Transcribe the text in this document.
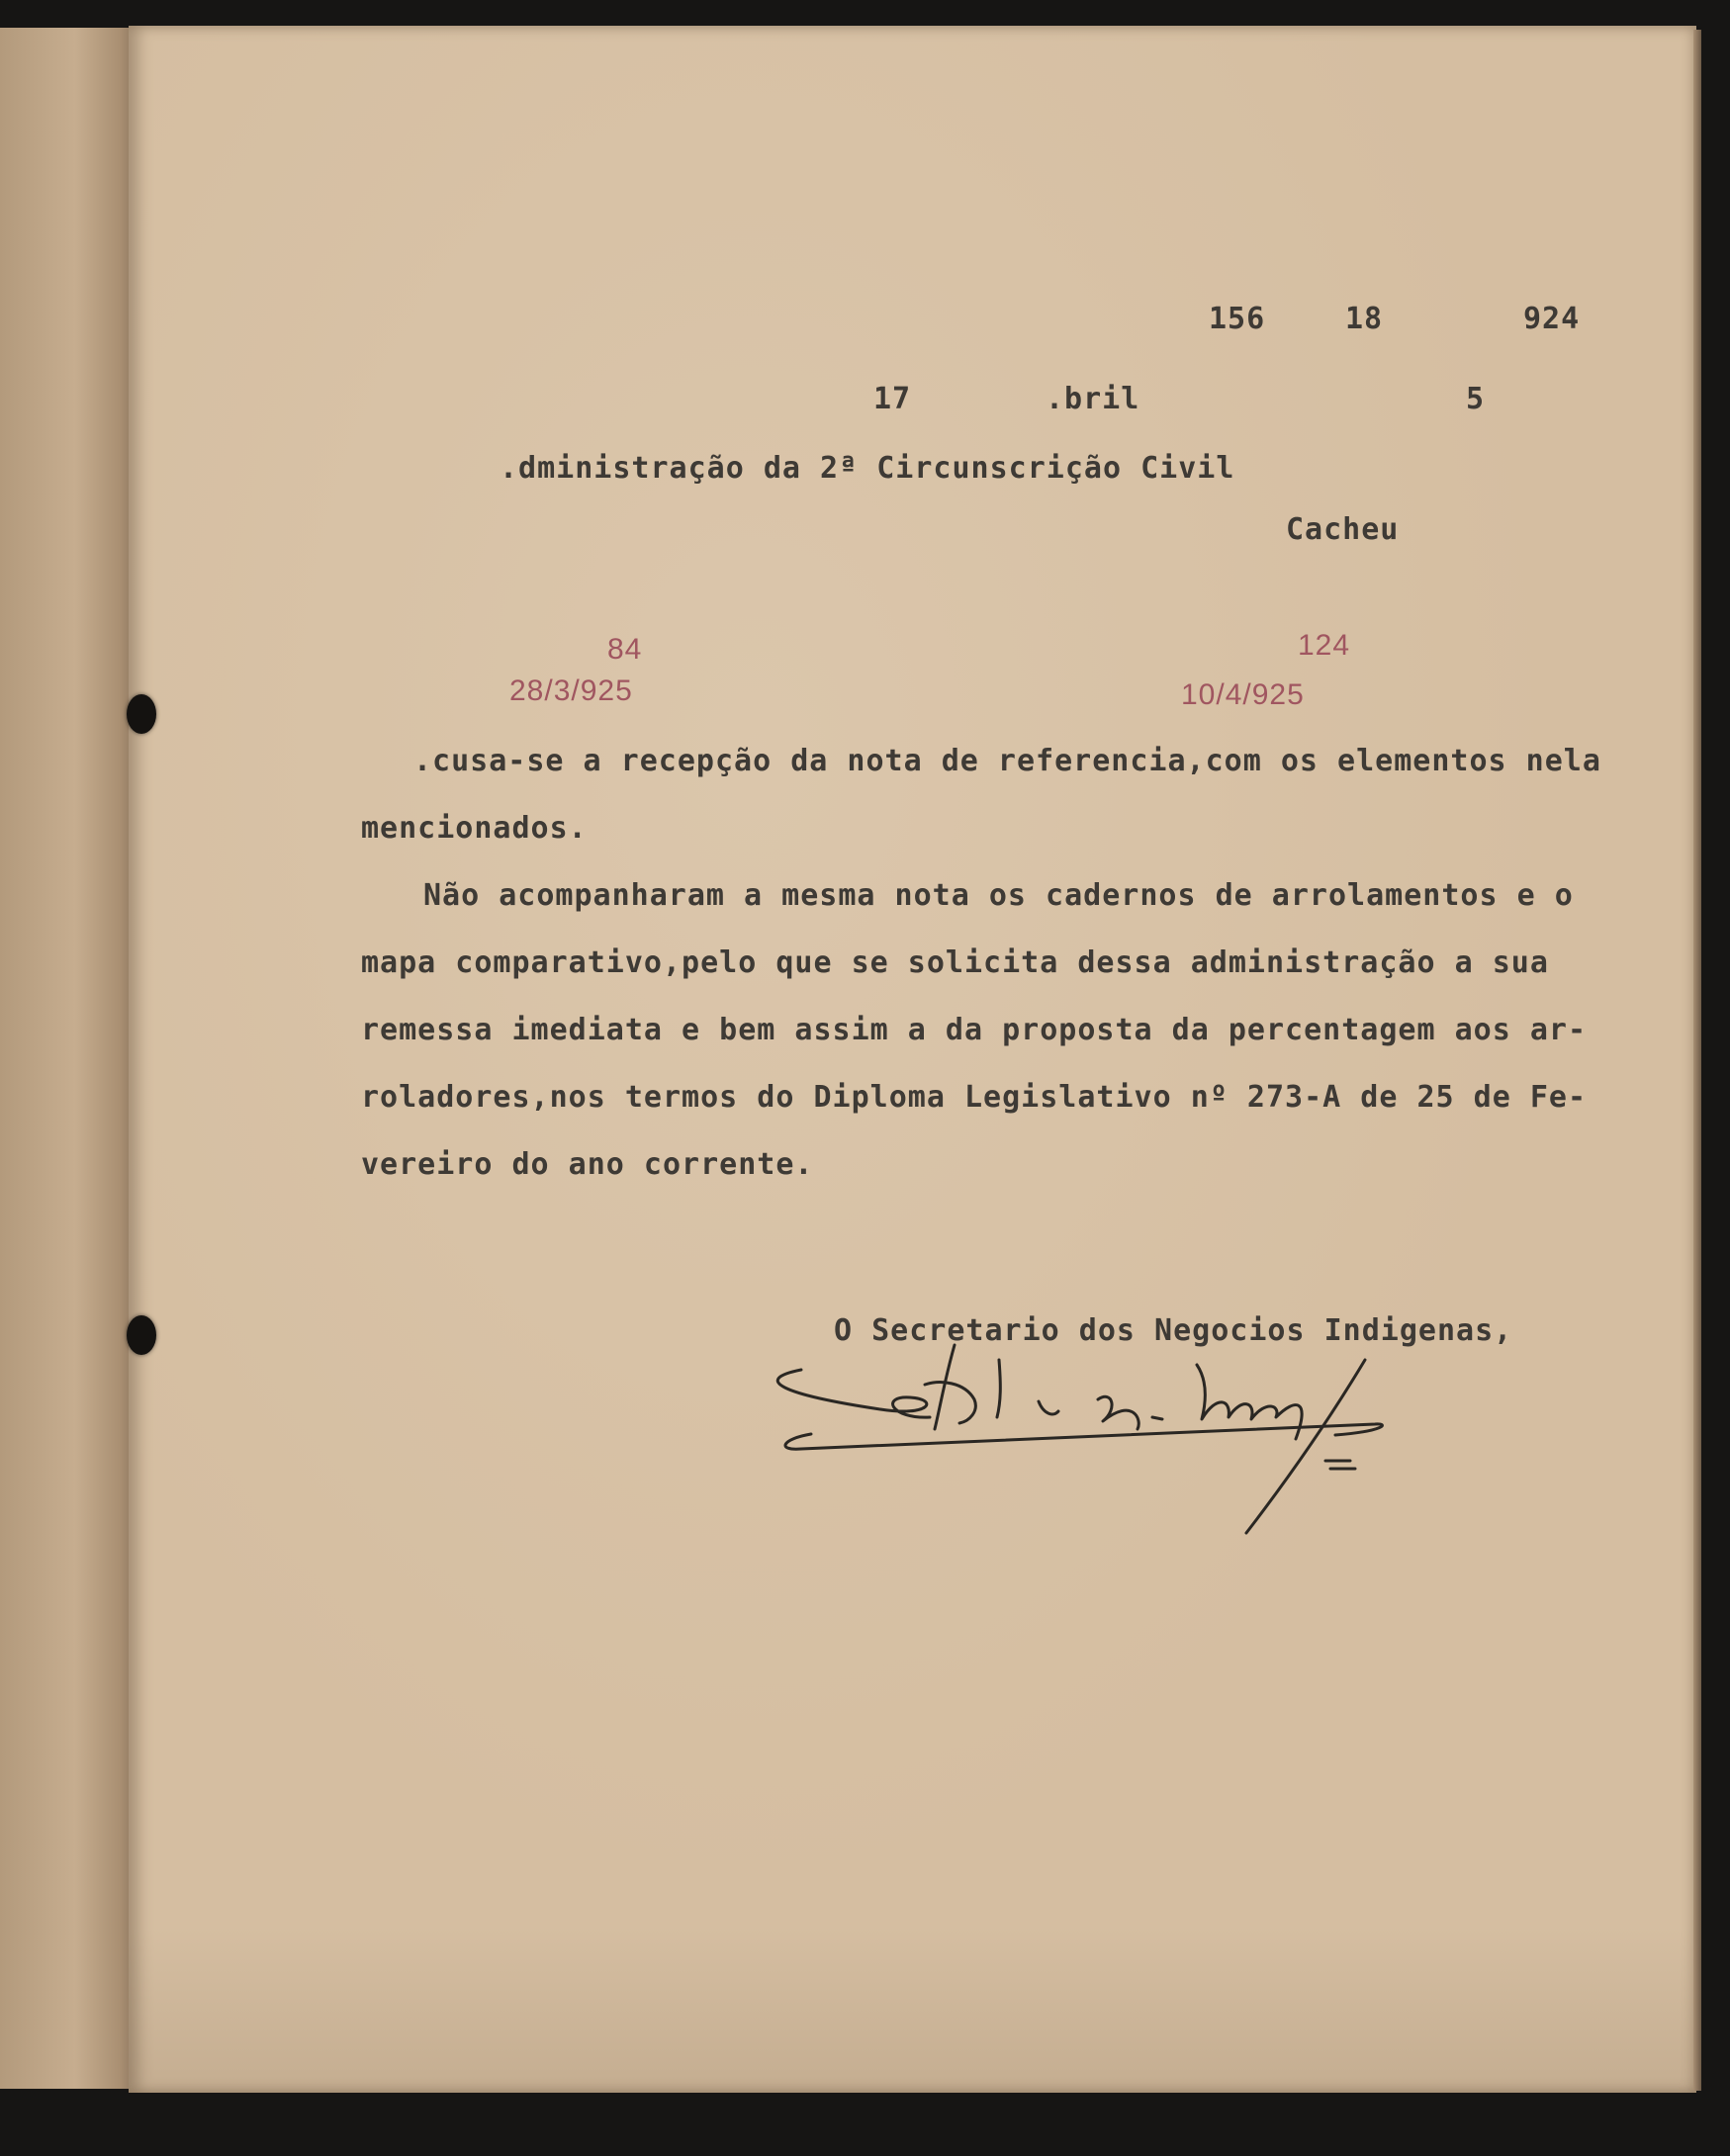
156	18	924

17	.bril	5

.dministração da 2ª Circunscrição Civil

Cacheu

84

28/3/925

124

10/4/925

.cusa-se a recepção da nota de referencia,com os elementos nela

mencionados.

Não acompanharam a mesma nota os cadernos de arrolamentos e o

mapa comparativo,pelo que se solicita dessa administração a sua

remessa imediata e bem assim a da proposta da percentagem aos ar-

roladores,nos termos do Diploma Legislativo nº 273-A de 25 de Fe-

vereiro do ano corrente.

O Secretario dos Negocios Indigenas,
